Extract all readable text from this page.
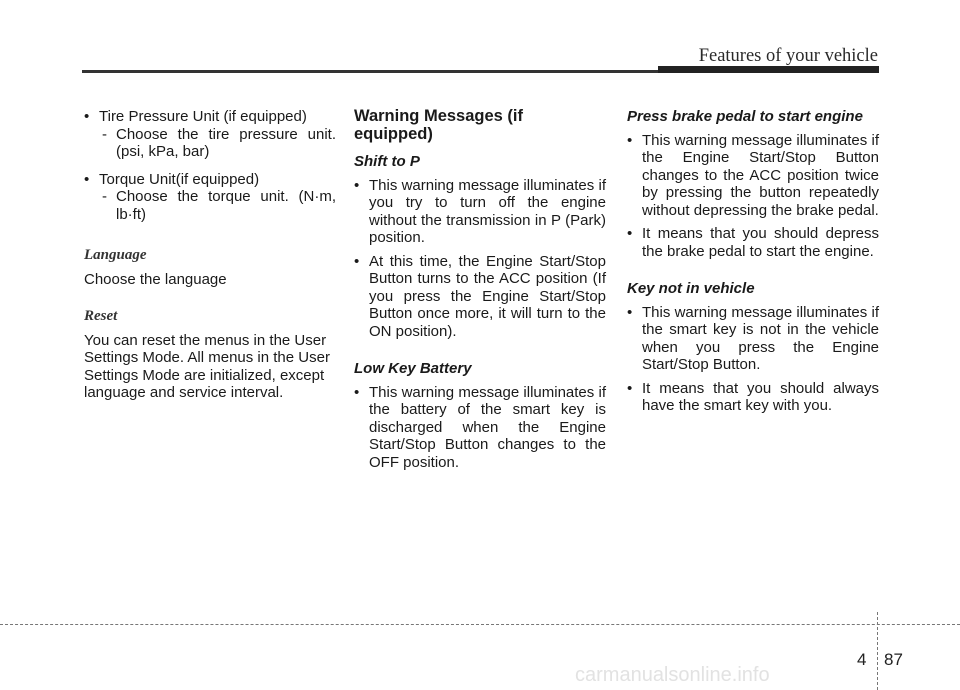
Features of your vehicle

• Tire Pressure Unit (if equipped)

- Choose the tire pressure unit. (psi, kPa, bar)

• Torque Unit(if equipped)

- Choose the torque unit. (N·m, lb·ft)

Language

Choose the language

Reset

You can reset the menus in the User Settings Mode. All menus in the User Settings Mode are initialized, except language and service interval.

Warning Messages (if equipped)

Shift to P

• This warning message illuminates if you try to turn off the engine without the transmission in P (Park) position.

• At this time, the Engine Start/Stop Button turns to the ACC position (If you press the Engine Start/Stop Button once more, it will turn to the ON position).

Low Key Battery

• This warning message illuminates if the battery of the smart key is discharged when the Engine Start/Stop Button changes to the OFF position.

Press brake pedal to start engine

• This warning message illuminates if the Engine Start/Stop Button changes to the ACC position twice by pressing the button repeatedly without depressing the brake pedal.

• It means that you should depress the brake pedal to start the engine.

Key not in vehicle

• This warning message illuminates if the smart key is not in the vehicle when you press the Engine Start/Stop Button.

• It means that you should always have the smart key with you.

4 87
carmanualsonline.info
